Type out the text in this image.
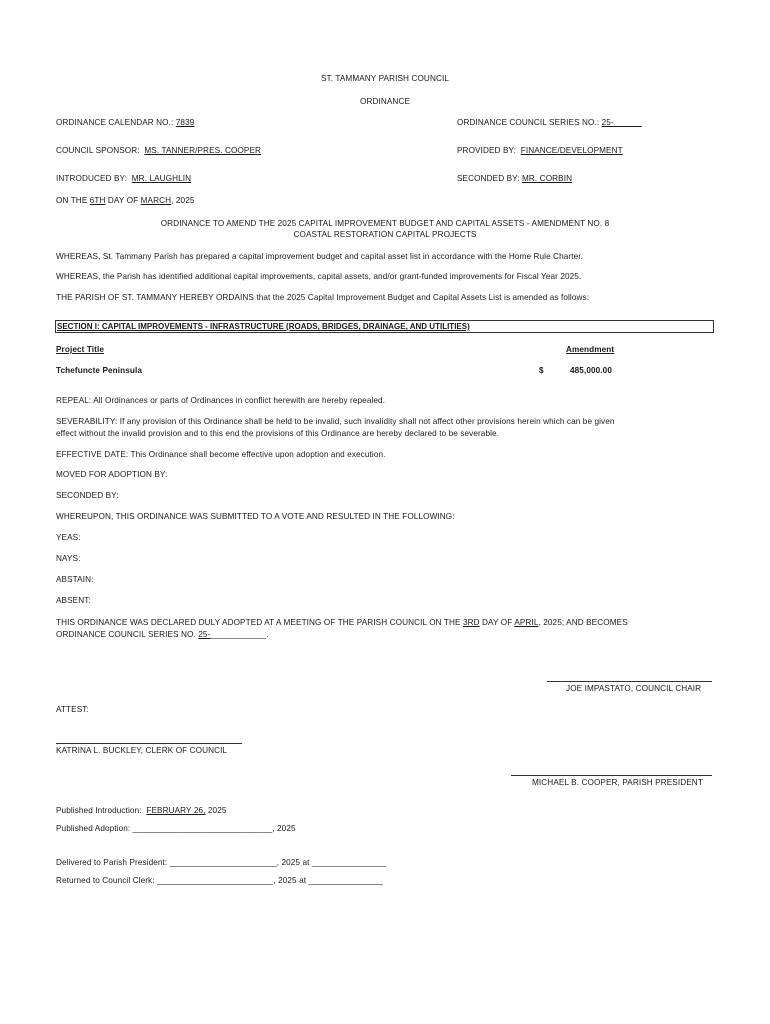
ST. TAMMANY PARISH COUNCIL
ORDINANCE
ORDINANCE CALENDAR NO.: 7839	ORDINANCE COUNCIL SERIES NO.: 25-______
COUNCIL SPONSOR: MS. TANNER/PRES. COOPER	PROVIDED BY: FINANCE/DEVELOPMENT
INTRODUCED BY: MR. LAUGHLIN	SECONDED BY: MR. CORBIN
ON THE 6TH DAY OF MARCH, 2025
ORDINANCE TO AMEND THE 2025 CAPITAL IMPROVEMENT BUDGET AND CAPITAL ASSETS - AMENDMENT NO. 8
COASTAL RESTORATION CAPITAL PROJECTS
WHEREAS, St. Tammany Parish has prepared a capital improvement budget and capital asset list in accordance with the Home Rule Charter.
WHEREAS, the Parish has identified additional capital improvements, capital assets, and/or grant-funded improvements for Fiscal Year 2025.
THE PARISH OF ST. TAMMANY HEREBY ORDAINS that the 2025 Capital Improvement Budget and Capital Assets List is amended as follows:
SECTION I: CAPITAL IMPROVEMENTS - INFRASTRUCTURE (ROADS, BRIDGES, DRAINAGE, AND UTILITIES)
Project Title	Amendment
Tchefuncte Peninsula	$	485,000.00
REPEAL: All Ordinances or parts of Ordinances in conflict herewith are hereby repealed.
SEVERABILITY: If any provision of this Ordinance shall be held to be invalid, such invalidity shall not affect other provisions herein which can be given
effect without the invalid provision and to this end the provisions of this Ordinance are hereby declared to be severable.
EFFECTIVE DATE: This Ordinance shall become effective upon adoption and execution.
MOVED FOR ADOPTION BY:
SECONDED BY:
WHEREUPON, THIS ORDINANCE WAS SUBMITTED TO A VOTE AND RESULTED IN THE FOLLOWING:
YEAS:
NAYS:
ABSTAIN:
ABSENT:
THIS ORDINANCE WAS DECLARED DULY ADOPTED AT A MEETING OF THE PARISH COUNCIL ON THE 3RD DAY OF APRIL, 2025; AND BECOMES
ORDINANCE COUNCIL SERIES NO. 25-____________.
JOE IMPASTATO, COUNCIL CHAIR
ATTEST:
KATRINA L. BUCKLEY, CLERK OF COUNCIL
MICHAEL B. COOPER, PARISH PRESIDENT
Published Introduction: FEBRUARY 26, 2025
Published Adoption: ______________________________, 2025
Delivered to Parish President: _______________________, 2025 at ________________
Returned to Council Clerk: _________________________, 2025 at ________________
